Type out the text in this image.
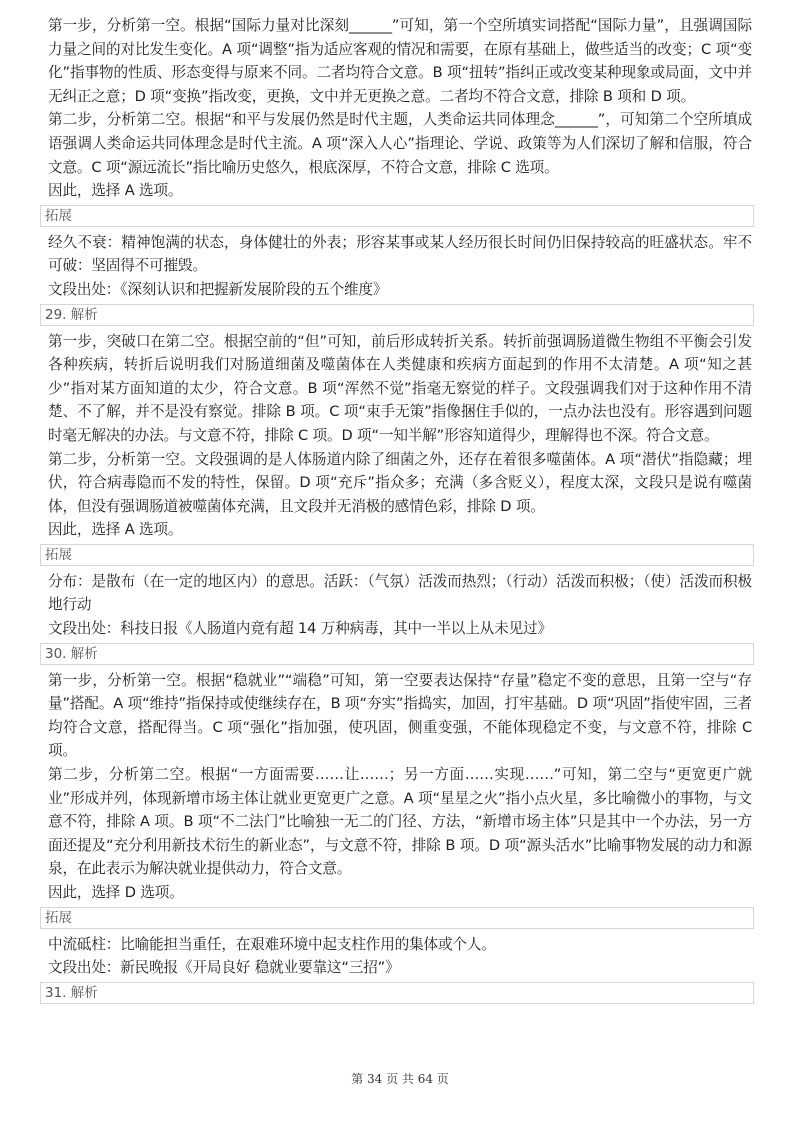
第一步，分析第一空。根据“国际力量对比深刻______”可知，第一个空所填实词搭配“国际力量”，且强调国际力量之间的对比发生变化。A 项“调整”指为适应客观的情况和需要，在原有基础上，做些适当的改变；C 项“变化”指事物的性质、形态变得与原来不同。二者均符合文意。B 项“扭转”指纠正或改变某种现象或局面，文中并无纠正之意；D 项“变换”指改变，更换，文中并无更换之意。二者均不符合文意，排除 B 项和 D 项。

第二步，分析第二空。根据“和平与发展仍然是时代主题，人类命运共同体理念______”，可知第二个空所填成语强调人类命运共同体理念是时代主流。A 项“深入人心”指理论、学说、政策等为人们深切了解和信服，符合文意。C 项“源远流长”指比喻历史悠久，根底深厚，不符合文意，排除 C 选项。

因此，选择 A 选项。

拓展

经久不衰：精神饱满的状态，身体健壮的外表；形容某事或某人经历很长时间仍旧保持较高的旺盛状态。牢不可破：坚固得不可摧毁。

文段出处：《深刻认识和把握新发展阶段的五个维度》

29. 解析

第一步，突破口在第二空。根据空前的“但”可知，前后形成转折关系。转折前强调肠道微生物组不平衡会引发各种疾病，转折后说明我们对肠道细菌及噬菌体在人类健康和疾病方面起到的作用不太清楚。A 项“知之甚少”指对某方面知道的太少，符合文意。B 项“浑然不觉”指毫无察觉的样子。文段强调我们对于这种作用不清楚、不了解，并不是没有察觉。排除 B 项。C 项“束手无策”指像捆住手似的，一点办法也没有。形容遇到问题时毫无解决的办法。与文意不符，排除 C 项。D 项“一知半解”形容知道得少，理解得也不深。符合文意。

第二步，分析第一空。文段强调的是人体肠道内除了细菌之外，还存在着很多噬菌体。A 项“潜伏”指隐藏；埋伏，符合病毒隐而不发的特性，保留。D 项“充斥”指众多；充满（多含贬义），程度太深，文段只是说有噬菌体，但没有强调肠道被噬菌体充满，且文段并无消极的感情色彩，排除 D 项。

因此，选择 A 选项。

拓展

分布：是散布（在一定的地区内）的意思。活跃：（气氛）活泼而热烈；（行动）活泼而积极；（使）活泼而积极地行动

文段出处：科技日报《人肠道内竟有超 14 万种病毒，其中一半以上从未见过》

30. 解析

第一步，分析第一空。根据“稳就业”“端稳”可知，第一空要表达保持“存量”稳定不变的意思，且第一空与“存量”搭配。A 项“维持”指保持或使继续存在，B 项“夯实”指捣实，加固，打牢基础。D 项“巩固”指使牢固，三者均符合文意，搭配得当。C 项“强化”指加强，使巩固，侧重变强，不能体现稳定不变，与文意不符，排除 C 项。

第二步，分析第二空。根据“一方面需要……让……；另一方面……实现……”可知，第二空与“更宽更广就业”形成并列，体现新增市场主体让就业更宽更广之意。A 项“星星之火”指小点火星，多比喻微小的事物，与文意不符，排除 A 项。B 项“不二法门”比喻独一无二的门径、方法，“新增市场主体”只是其中一个办法，另一方面还提及“充分利用新技术衍生的新业态”，与文意不符，排除 B 项。D 项“源头活水”比喻事物发展的动力和源泉，在此表示为解决就业提供动力，符合文意。

因此，选择 D 选项。

拓展

中流砥柱：比喻能担当重任，在艰难环境中起支柱作用的集体或个人。

文段出处：新民晚报《开局良好 稳就业要靠这“三招”》

31. 解析
第 34 页 共 64 页
